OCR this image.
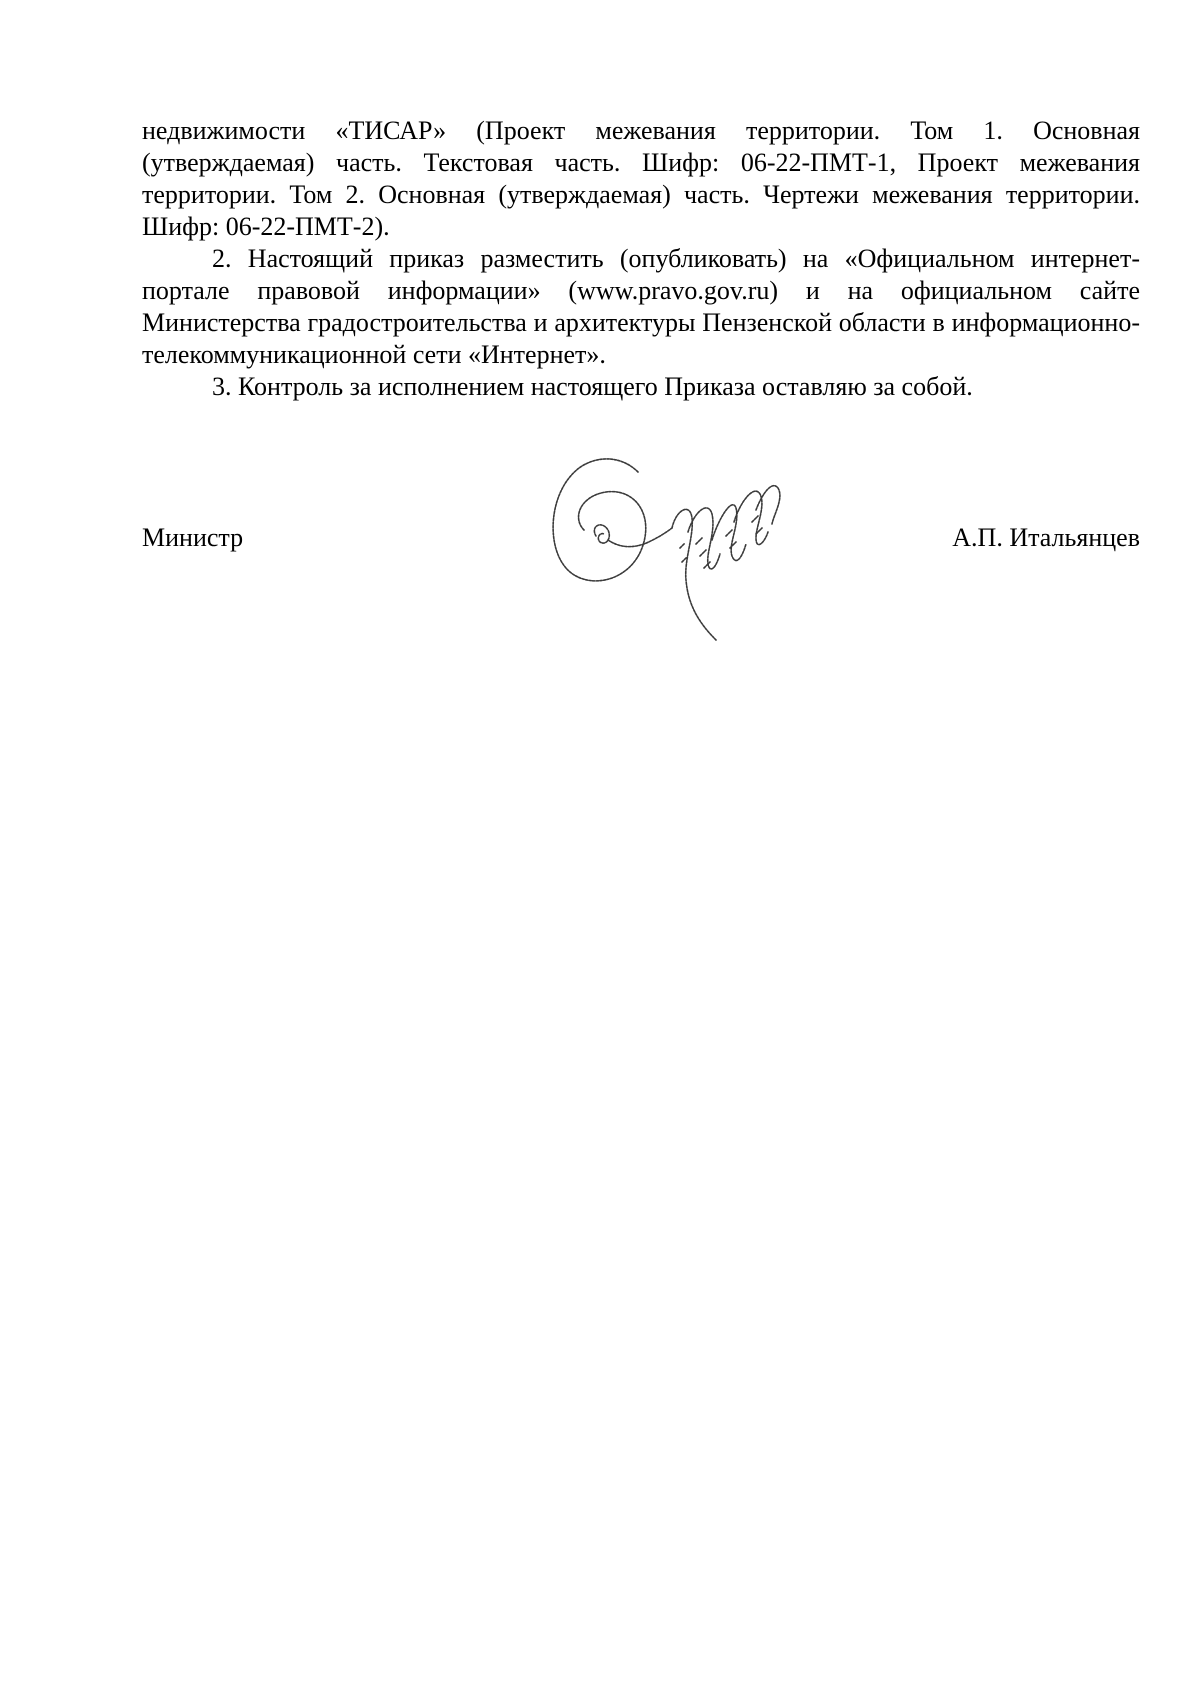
недвижимости «ТИСАР» (Проект межевания территории. Том 1. Основная (утверждаемая) часть. Текстовая часть. Шифр: 06-22-ПМТ-1, Проект межевания территории. Том 2. Основная (утверждаемая) часть. Чертежи межевания территории. Шифр: 06-22-ПМТ-2).

2. Настоящий приказ разместить (опубликовать) на «Официальном интернет-портале правовой информации» (www.pravo.gov.ru) и на официальном сайте Министерства градостроительства и архитектуры Пензенской области в информационно-телекоммуникационной сети «Интернет».

3. Контроль за исполнением настоящего Приказа оставляю за собой.

Министр	А.П. Итальянцев
